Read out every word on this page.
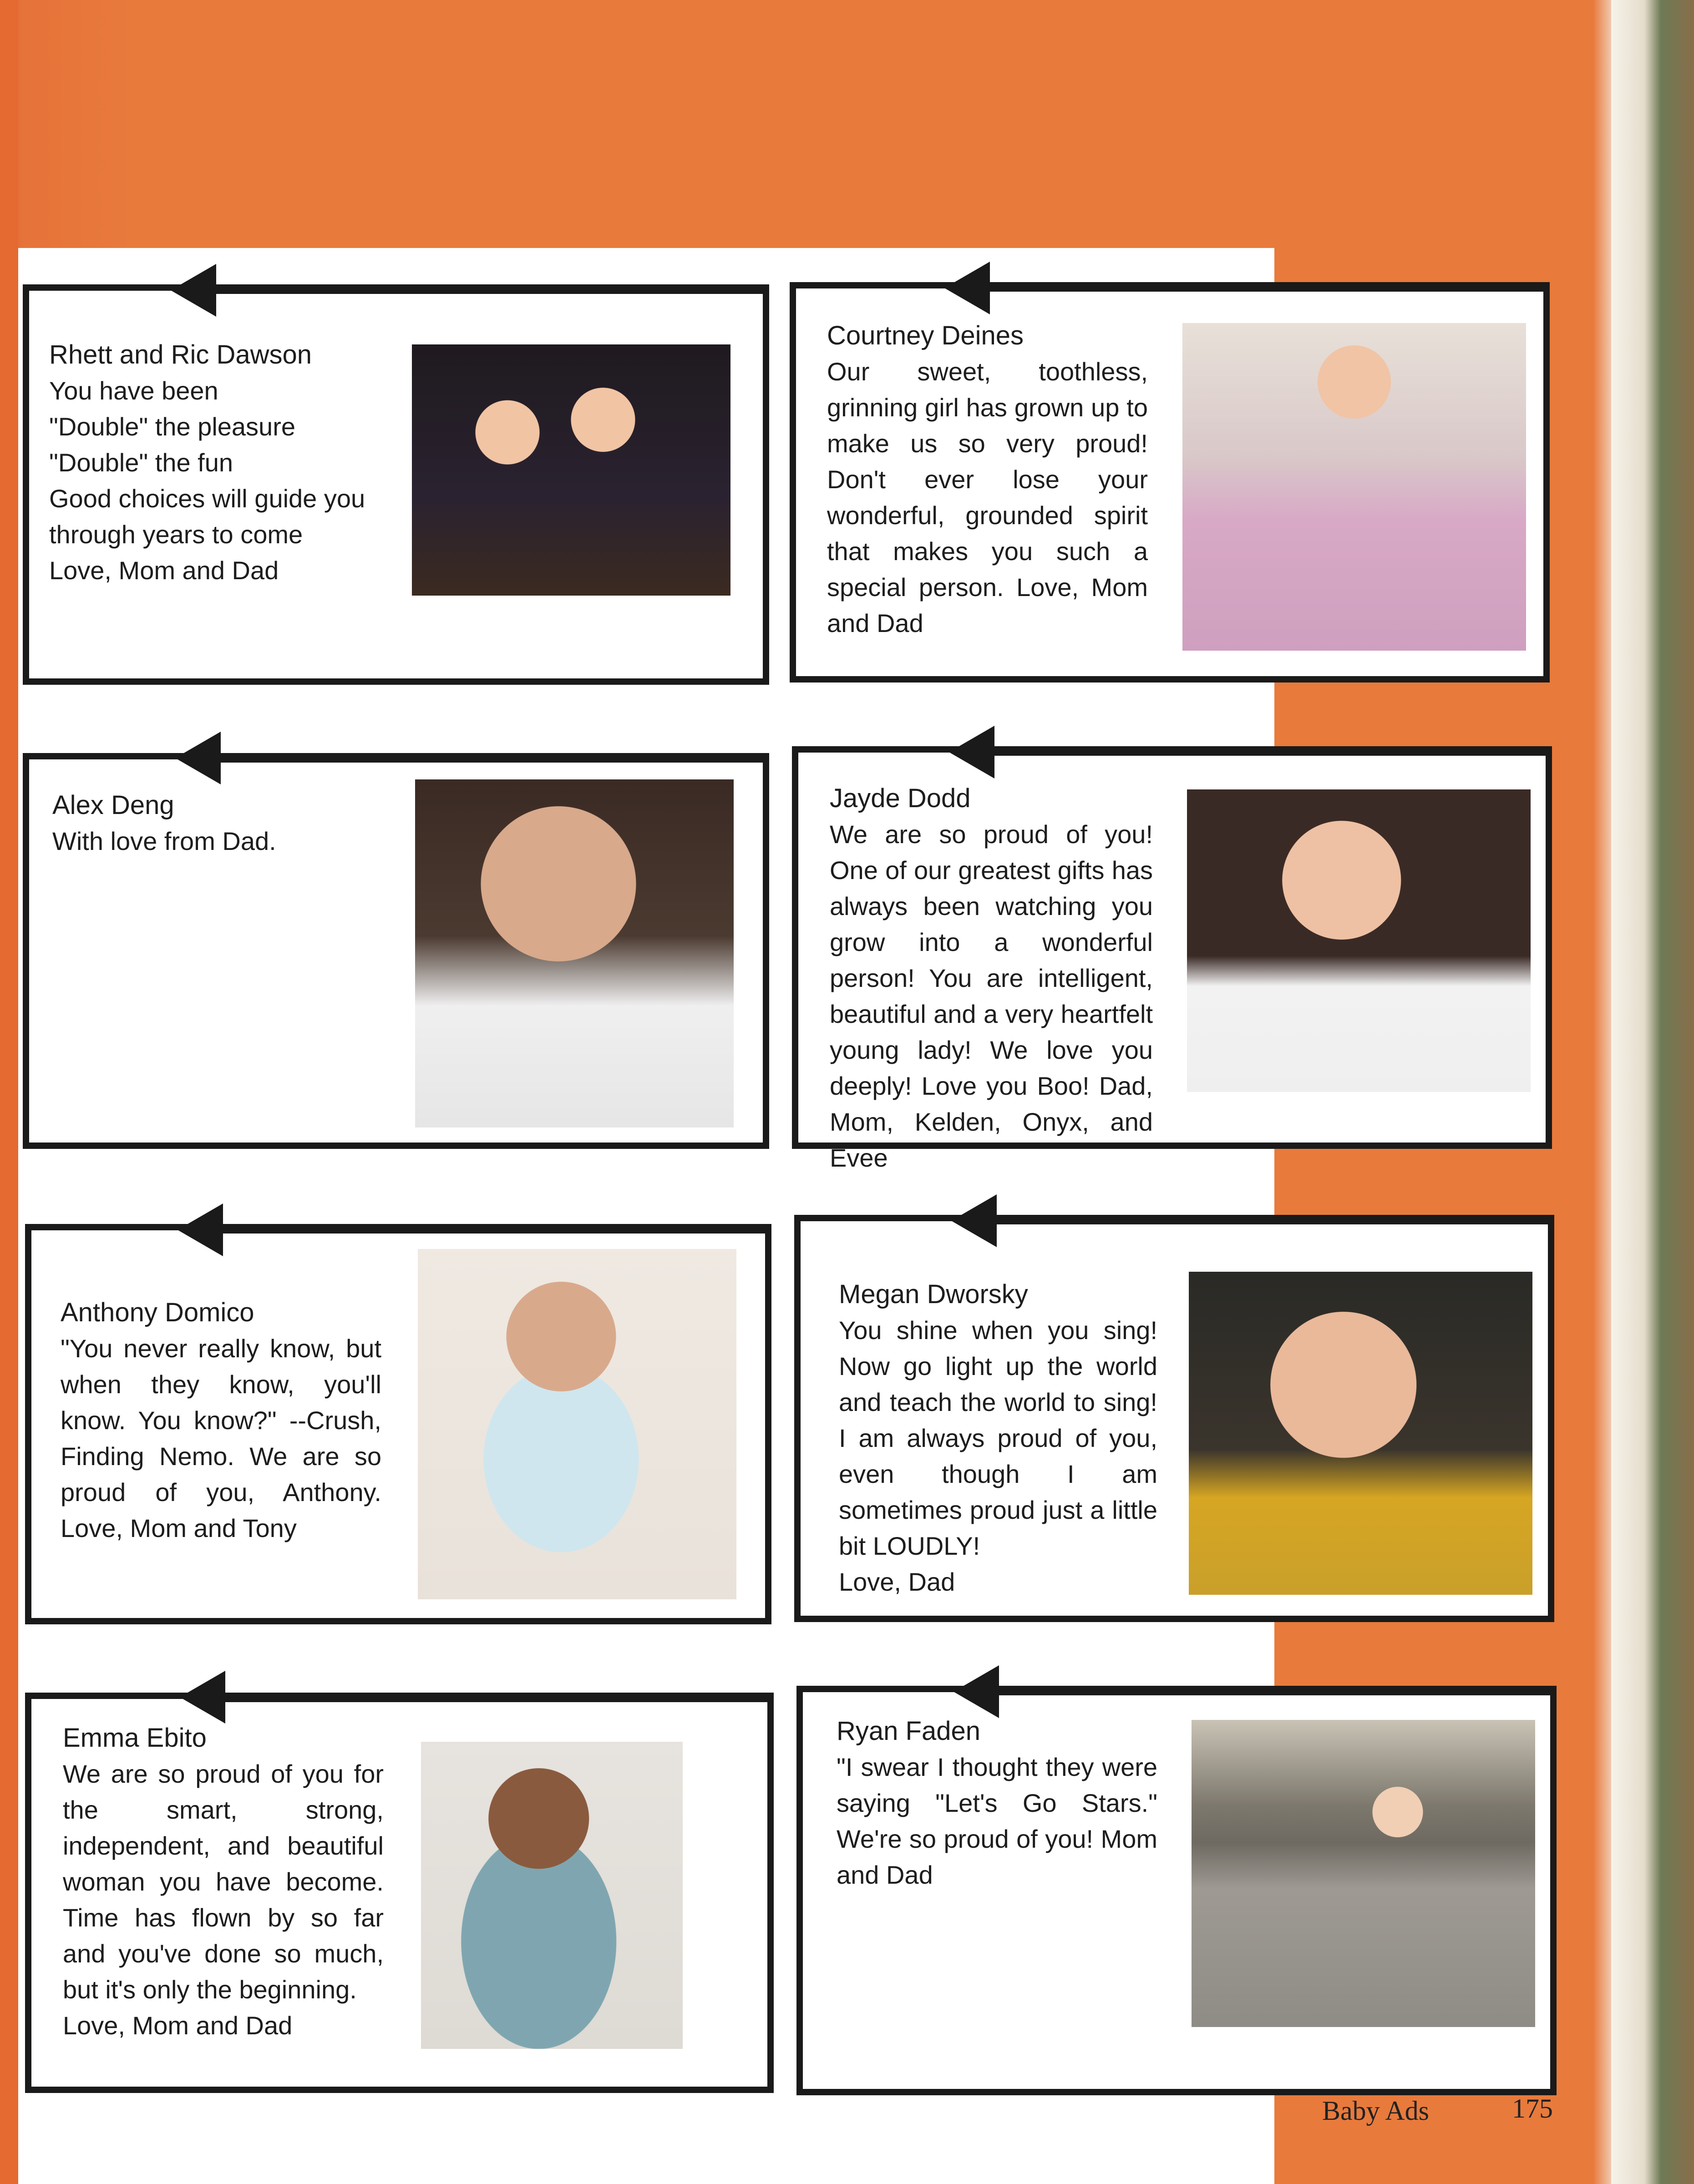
Rhett and Ric Dawson
You have been
"Double" the pleasure
"Double" the fun
Good choices will guide you through years to come
Love, Mom and Dad
Courtney Deines
Our sweet, toothless, grinning girl has grown up to make us so very proud! Don't ever lose your wonderful, grounded spirit that makes you such a special person. Love, Mom and Dad
Alex Deng
With love from Dad.
Jayde Dodd
We are so proud of you! One of our greatest gifts has always been watching you grow into a wonderful person! You are intelligent, beautiful and a very heartfelt young lady! We love you deeply! Love you Boo! Dad, Mom, Kelden, Onyx, and Evee
Anthony Domico
"You never really know, but when they know, you'll know. You know?" --Crush, Finding Nemo. We are so proud of you, Anthony. Love, Mom and Tony
Megan Dworsky
You shine when you sing! Now go light up the world and teach the world to sing! I am always proud of you, even though I am sometimes proud just a little bit LOUDLY!
Love, Dad
Emma Ebito
We are so proud of you for the smart, strong, independent, and beautiful woman you have become. Time has flown by so far and you've done so much, but it's only the beginning.
Love, Mom and Dad
Ryan Faden
"I swear I thought they were saying "Let's Go Stars." We're so proud of you! Mom and Dad
Baby Ads	175
